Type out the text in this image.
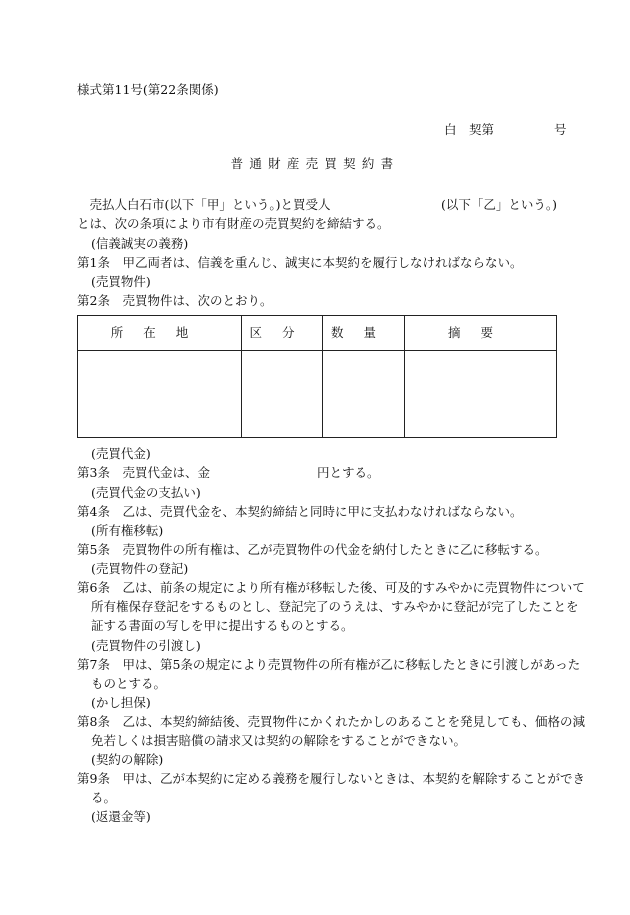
様式第11号(第22条関係)
白　契第	号
普通財産売買契約書
　売払人白石市(以下「甲」という。)と買受人	(以下「乙」という。)
とは、次の条項により市有財産の売買契約を締結する。
(信義誠実の義務)
第1条　甲乙両者は、信義を重んじ、誠実に本契約を履行しなければならない。
(売買物件)
第2条　売買物件は、次のとおり。
所在地	区分	数量	摘要

(売買代金)
第3条　売買代金は、金	円とする。
(売買代金の支払い)
第4条　乙は、売買代金を、本契約締結と同時に甲に支払わなければならない。
(所有権移転)
第5条　売買物件の所有権は、乙が売買物件の代金を納付したときに乙に移転する。
(売買物件の登記)
第6条　乙は、前条の規定により所有権が移転した後、可及的すみやかに売買物件について
所有権保存登記をするものとし、登記完了のうえは、すみやかに登記が完了したことを
証する書面の写しを甲に提出するものとする。
(売買物件の引渡し)
第7条　甲は、第5条の規定により売買物件の所有権が乙に移転したときに引渡しがあった
ものとする。
(かし担保)
第8条　乙は、本契約締結後、売買物件にかくれたかしのあることを発見しても、価格の減
免若しくは損害賠償の請求又は契約の解除をすることができない。
(契約の解除)
第9条　甲は、乙が本契約に定める義務を履行しないときは、本契約を解除することができ
る。
(返還金等)
